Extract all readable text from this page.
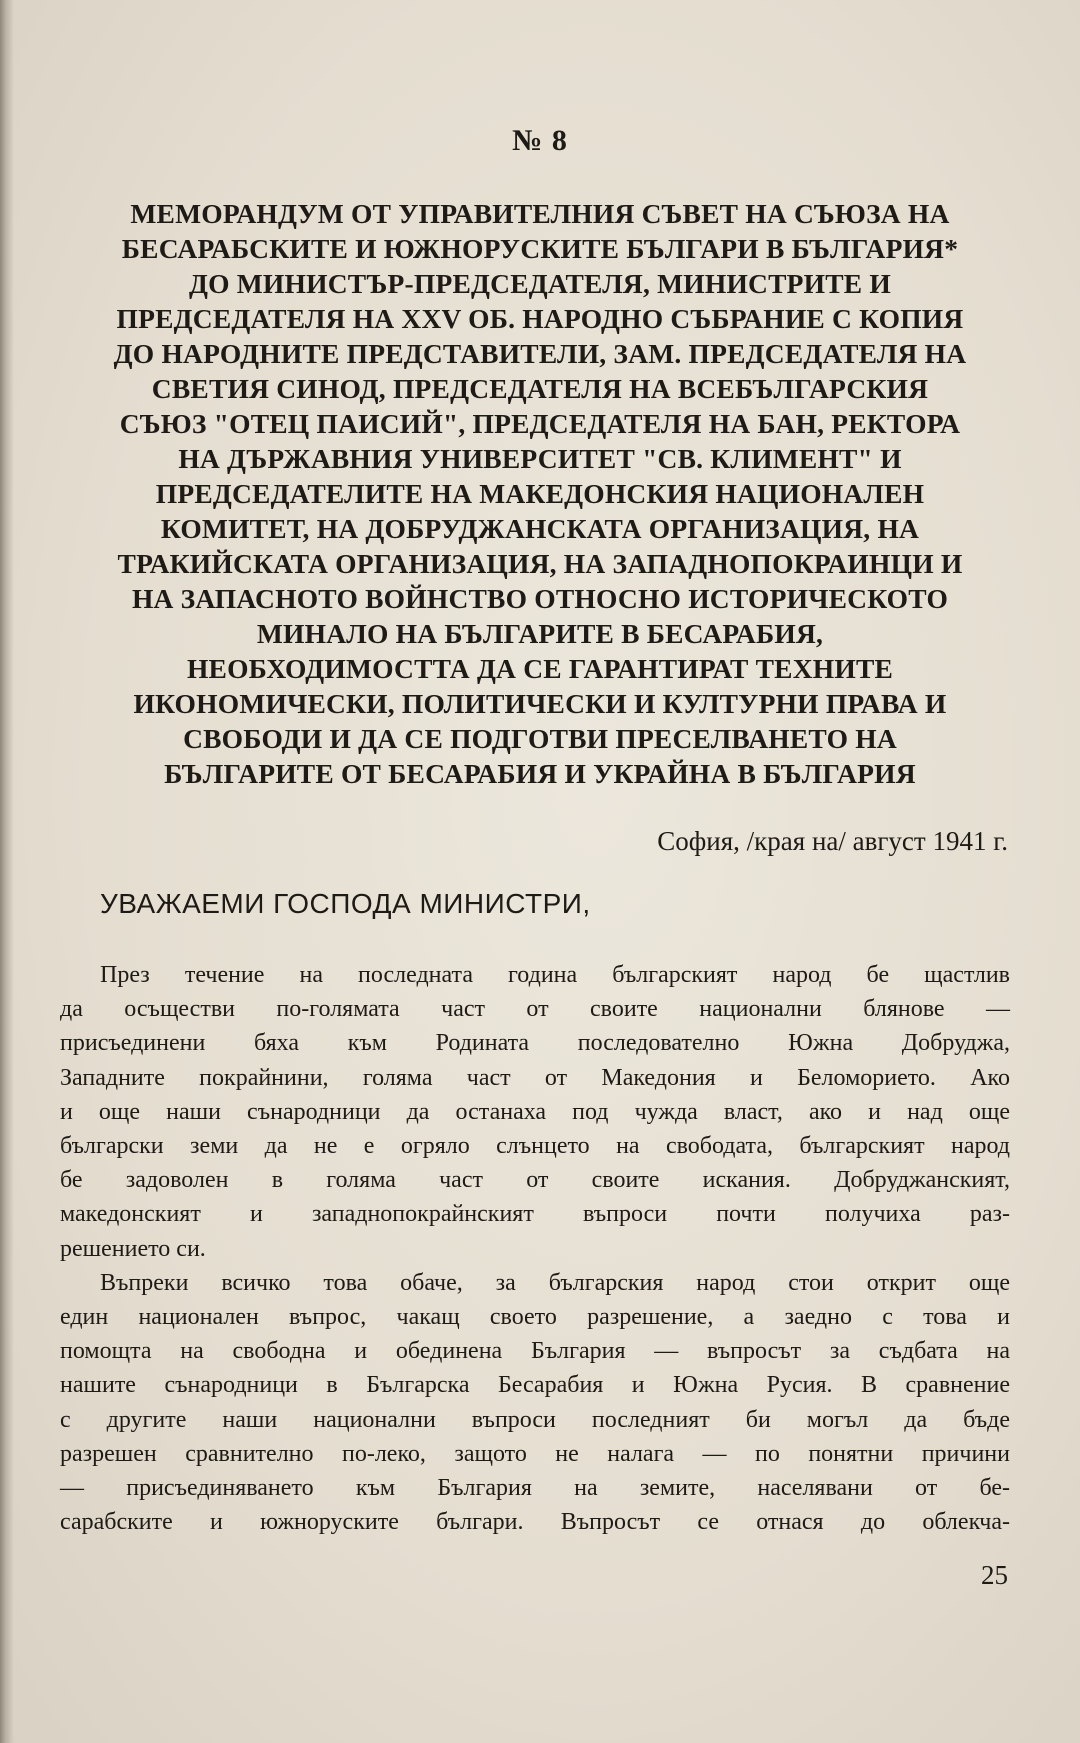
№ 8
МЕМОРАНДУМ ОТ УПРАВИТЕЛНИЯ СЪВЕТ НА СЪЮЗА НА
БЕСАРАБСКИТЕ И ЮЖНОРУСКИТЕ БЪЛГАРИ В БЪЛГАРИЯ*
ДО МИНИСТЪР-ПРЕДСЕДАТЕЛЯ, МИНИСТРИТЕ И
ПРЕДСЕДАТЕЛЯ НА XXV ОБ. НАРОДНО СЪБРАНИЕ С КОПИЯ
ДО НАРОДНИТЕ ПРЕДСТАВИТЕЛИ, ЗАМ. ПРЕДСЕДАТЕЛЯ НА
СВЕТИЯ СИНОД, ПРЕДСЕДАТЕЛЯ НА ВСЕБЪЛГАРСКИЯ
СЪЮЗ "ОТЕЦ ПАИСИЙ", ПРЕДСЕДАТЕЛЯ НА БАН, РЕКТОРА
НА ДЪРЖАВНИЯ УНИВЕРСИТЕТ "СВ. КЛИМЕНТ" И
ПРЕДСЕДАТЕЛИТЕ НА МАКЕДОНСКИЯ НАЦИОНАЛЕН
КОМИТЕТ, НА ДОБРУДЖАНСКАТА ОРГАНИЗАЦИЯ, НА
ТРАКИЙСКАТА ОРГАНИЗАЦИЯ, НА ЗАПАДНОПОКРАИНЦИ И
НА ЗАПАСНОТО ВОЙНСТВО ОТНОСНО ИСТОРИЧЕСКОТО
МИНАЛО НА БЪЛГАРИТЕ В БЕСАРАБИЯ,
НЕОБХОДИМОСТТА ДА СЕ ГАРАНТИРАТ ТЕХНИТЕ
ИКОНОМИЧЕСКИ, ПОЛИТИЧЕСКИ И КУЛТУРНИ ПРАВА И
СВОБОДИ И ДА СЕ ПОДГОТВИ ПРЕСЕЛВАНЕТО НА
БЪЛГАРИТЕ ОТ БЕСАРАБИЯ И УКРАЙНА В БЪЛГАРИЯ
София, /края на/ август 1941 г.
УВАЖАЕМИ ГОСПОДА МИНИСТРИ,
През течение на последната година българският народ бе щастлив
да осъществи по-голямата част от своите национални блянове —
присъединени бяха към Родината последователно Южна Добруджа,
Западните покрайнини, голяма част от Македония и Беломорието. Ако
и още наши сънародници да останаха под чужда власт, ако и над още
български земи да не е огряло слънцето на свободата, българският народ
бе задоволен в голяма част от своите искания. Добруджанският,
македонският и западнопокрайнският въпроси почти получиха раз-
решението си.
Въпреки всичко това обаче, за българския народ стои открит още
един национален въпрос, чакащ своето разрешение, а заедно с това и
помощта на свободна и обединена България — въпросът за съдбата на
нашите сънародници в Българска Бесарабия и Южна Русия. В сравнение
с другите наши национални въпроси последният би могъл да бъде
разрешен сравнително по-леко, защото не налага — по понятни причини
— присъединяването към България на земите, населявани от бе-
сарабските и южноруските българи. Въпросът се отнася до облекча-
25
